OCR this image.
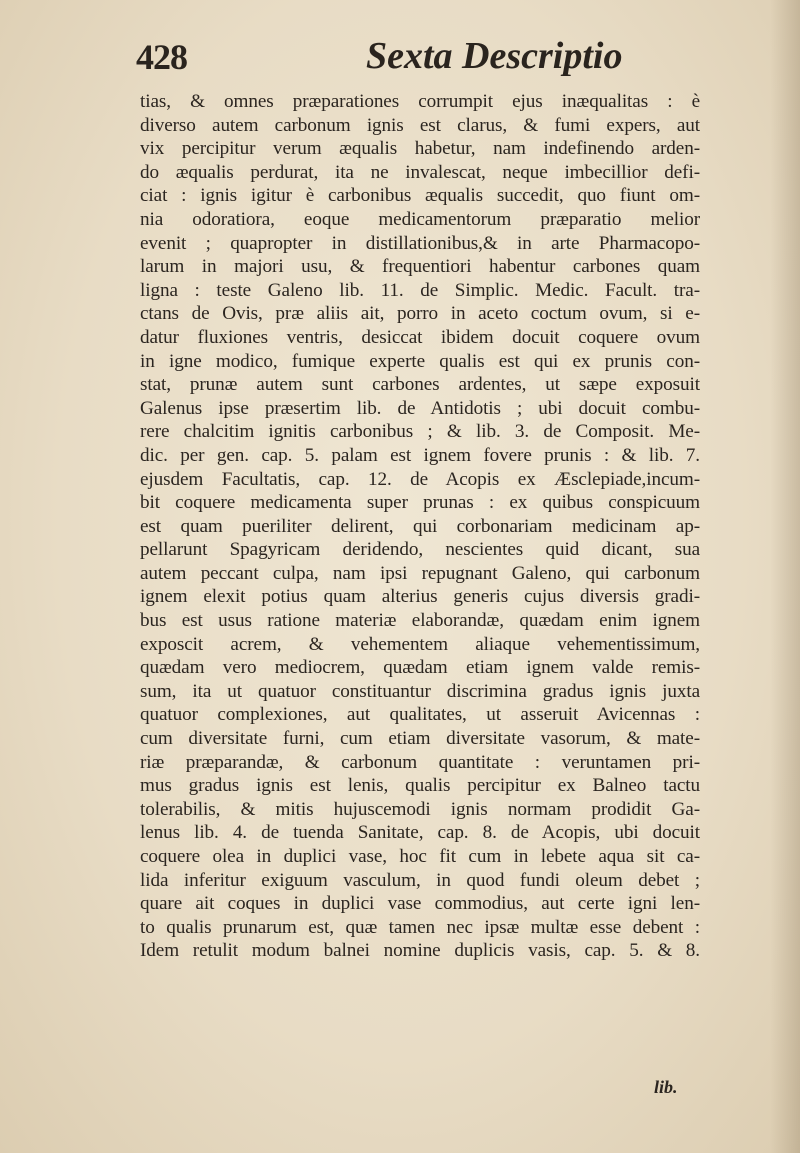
428	Sexta Descriptio
tias, & omnes præparationes corrumpit ejus inæqualitas : è
diverso autem carbonum ignis est clarus, & fumi expers, aut
vix percipitur verum æqualis habetur, nam indefinendo arden-
do æqualis perdurat, ita ne invalescat, neque imbecillior defi-
ciat : ignis igitur è carbonibus æqualis succedit, quo fiunt om-
nia odoratiora, eoque medicamentorum præparatio melior
evenit ; quapropter in distillationibus,& in arte Pharmacopo-
larum in majori usu, & frequentiori habentur carbones quam
ligna : teste Galeno lib. 11. de Simplic. Medic. Facult. tra-
ctans de Ovis, præ aliis ait, porro in aceto coctum ovum, si e-
datur fluxiones ventris, desiccat ibidem docuit coquere ovum
in igne modico, fumique experte qualis est qui ex prunis con-
stat, prunæ autem sunt carbones ardentes, ut sæpe exposuit
Galenus ipse præsertim lib. de Antidotis ; ubi docuit combu-
rere chalcitim ignitis carbonibus ; & lib. 3. de Composit. Me-
dic. per gen. cap. 5. palam est ignem fovere prunis : & lib. 7.
ejusdem Facultatis, cap. 12. de Acopis ex Æsclepiade,incum-
bit coquere medicamenta super prunas : ex quibus conspicuum
est quam pueriliter delirent, qui corbonariam medicinam ap-
pellarunt Spagyricam deridendo, nescientes quid dicant, sua
autem peccant culpa, nam ipsi repugnant Galeno, qui carbonum
ignem elexit potius quam alterius generis cujus diversis gradi-
bus est usus ratione materiæ elaborandæ, quædam enim ignem
exposcit acrem, & vehementem aliaque vehementissimum,
quædam vero mediocrem, quædam etiam ignem valde remis-
sum, ita ut quatuor constituantur discrimina gradus ignis juxta
quatuor complexiones, aut qualitates, ut asseruit Avicennas :
cum diversitate furni, cum etiam diversitate vasorum, & mate-
riæ præparandæ, & carbonum quantitate : veruntamen pri-
mus gradus ignis est lenis, qualis percipitur ex Balneo tactu
tolerabilis, & mitis hujuscemodi ignis normam prodidit Ga-
lenus lib. 4. de tuenda Sanitate, cap. 8. de Acopis, ubi docuit
coquere olea in duplici vase, hoc fit cum in lebete aqua sit ca-
lida inferitur exiguum vasculum, in quod fundi oleum debet ;
quare ait coques in duplici vase commodius, aut certe igni len-
to qualis prunarum est, quæ tamen nec ipsæ multæ esse debent :
Idem retulit modum balnei nomine duplicis vasis, cap. 5. & 8.
lib.
